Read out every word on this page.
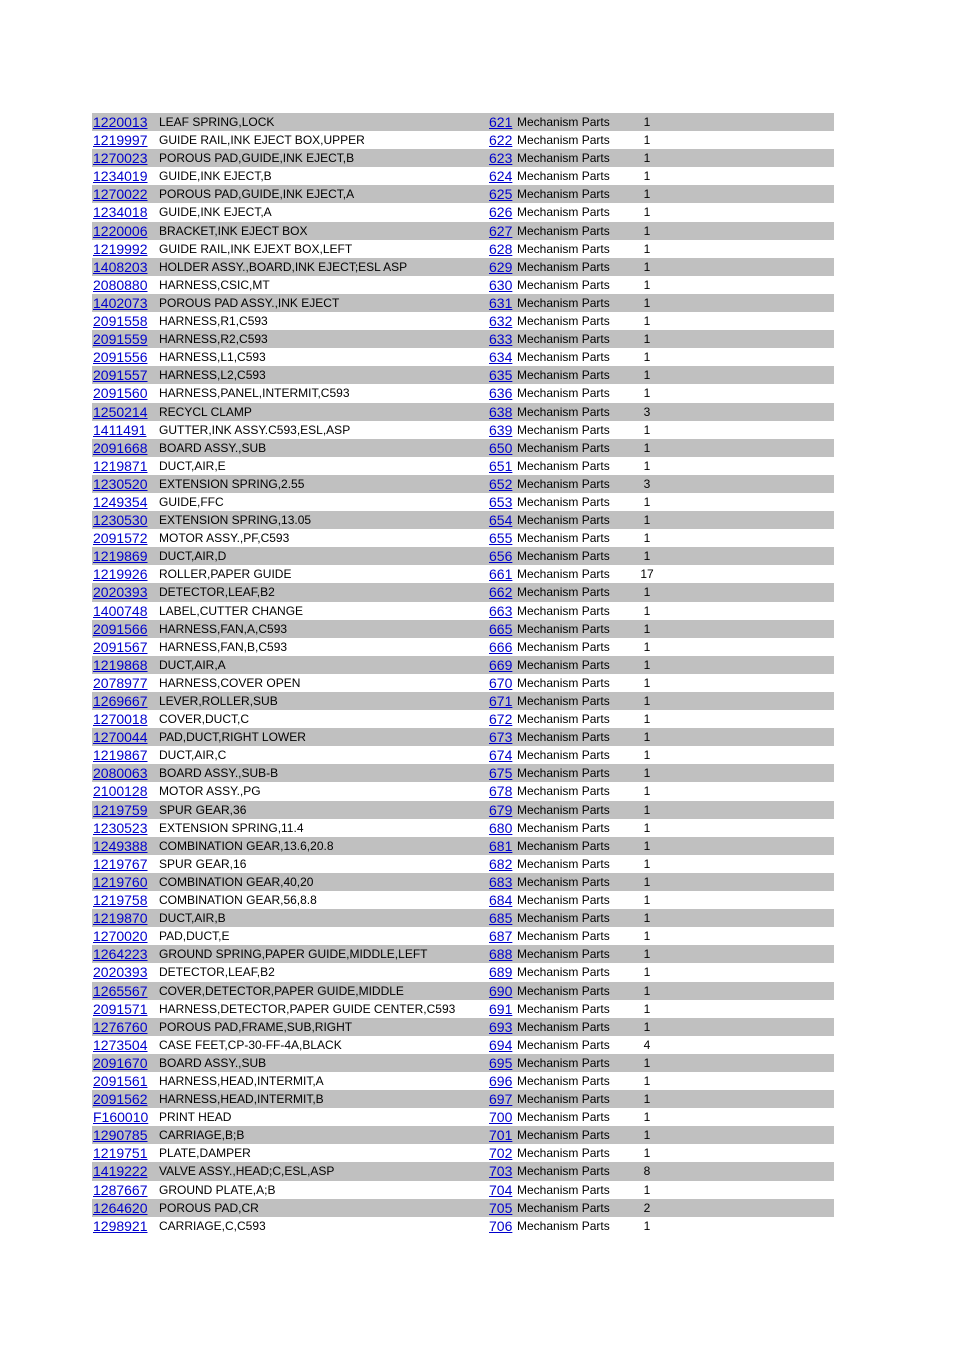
1220013 LEAF SPRING,LOCK	621 Mechanism Parts	1
1219997 GUIDE RAIL,INK EJECT BOX,UPPER	622 Mechanism Parts	1
1270023 POROUS PAD,GUIDE,INK EJECT,B	623 Mechanism Parts	1
1234019 GUIDE,INK EJECT,B	624 Mechanism Parts	1
1270022 POROUS PAD,GUIDE,INK EJECT,A	625 Mechanism Parts	1
1234018 GUIDE,INK EJECT,A	626 Mechanism Parts	1
1220006 BRACKET,INK EJECT BOX	627 Mechanism Parts	1
1219992 GUIDE RAIL,INK EJEXT BOX,LEFT	628 Mechanism Parts	1
1408203 HOLDER ASSY.,BOARD,INK EJECT;ESL ASP	629 Mechanism Parts	1
2080880 HARNESS,CSIC,MT	630 Mechanism Parts	1
1402073 POROUS PAD ASSY.,INK EJECT	631 Mechanism Parts	1
2091558 HARNESS,R1,C593	632 Mechanism Parts	1
2091559 HARNESS,R2,C593	633 Mechanism Parts	1
2091556 HARNESS,L1,C593	634 Mechanism Parts	1
2091557 HARNESS,L2,C593	635 Mechanism Parts	1
2091560 HARNESS,PANEL,INTERMIT,C593	636 Mechanism Parts	1
1250214 RECYCL CLAMP	638 Mechanism Parts	3
1411491 GUTTER,INK ASSY.C593,ESL,ASP	639 Mechanism Parts	1
2091668 BOARD ASSY.,SUB	650 Mechanism Parts	1
1219871 DUCT,AIR,E	651 Mechanism Parts	1
1230520 EXTENSION SPRING,2.55	652 Mechanism Parts	3
1249354 GUIDE,FFC	653 Mechanism Parts	1
1230530 EXTENSION SPRING,13.05	654 Mechanism Parts	1
2091572 MOTOR ASSY.,PF,C593	655 Mechanism Parts	1
1219869 DUCT,AIR,D	656 Mechanism Parts	1
1219926 ROLLER,PAPER GUIDE	661 Mechanism Parts	17
2020393 DETECTOR,LEAF,B2	662 Mechanism Parts	1
1400748 LABEL,CUTTER CHANGE	663 Mechanism Parts	1
2091566 HARNESS,FAN,A,C593	665 Mechanism Parts	1
2091567 HARNESS,FAN,B,C593	666 Mechanism Parts	1
1219868 DUCT,AIR,A	669 Mechanism Parts	1
2078977 HARNESS,COVER OPEN	670 Mechanism Parts	1
1269667 LEVER,ROLLER,SUB	671 Mechanism Parts	1
1270018 COVER,DUCT,C	672 Mechanism Parts	1
1270044 PAD,DUCT,RIGHT LOWER	673 Mechanism Parts	1
1219867 DUCT,AIR,C	674 Mechanism Parts	1
2080063 BOARD ASSY.,SUB-B	675 Mechanism Parts	1
2100128 MOTOR ASSY.,PG	678 Mechanism Parts	1
1219759 SPUR GEAR,36	679 Mechanism Parts	1
1230523 EXTENSION SPRING,11.4	680 Mechanism Parts	1
1249388 COMBINATION GEAR,13.6,20.8	681 Mechanism Parts	1
1219767 SPUR GEAR,16	682 Mechanism Parts	1
1219760 COMBINATION GEAR,40,20	683 Mechanism Parts	1
1219758 COMBINATION GEAR,56,8.8	684 Mechanism Parts	1
1219870 DUCT,AIR,B	685 Mechanism Parts	1
1270020 PAD,DUCT,E	687 Mechanism Parts	1
1264223 GROUND SPRING,PAPER GUIDE,MIDDLE,LEFT	688 Mechanism Parts	1
2020393 DETECTOR,LEAF,B2	689 Mechanism Parts	1
1265567 COVER,DETECTOR,PAPER GUIDE,MIDDLE	690 Mechanism Parts	1
2091571 HARNESS,DETECTOR,PAPER GUIDE CENTER,C593 691 Mechanism Parts	1
1276760 POROUS PAD,FRAME,SUB,RIGHT	693 Mechanism Parts	1
1273504 CASE FEET,CP-30-FF-4A,BLACK	694 Mechanism Parts	4
2091670 BOARD ASSY.,SUB	695 Mechanism Parts	1
2091561 HARNESS,HEAD,INTERMIT,A	696 Mechanism Parts	1
2091562 HARNESS,HEAD,INTERMIT,B	697 Mechanism Parts	1
F160010 PRINT HEAD	700 Mechanism Parts	1
1290785 CARRIAGE,B;B	701 Mechanism Parts	1
1219751 PLATE,DAMPER	702 Mechanism Parts	1
1419222 VALVE ASSY.,HEAD;C,ESL,ASP	703 Mechanism Parts	8
1287667 GROUND PLATE,A;B	704 Mechanism Parts	1
1264620 POROUS PAD,CR	705 Mechanism Parts	2
1298921 CARRIAGE,C,C593	706 Mechanism Parts	1
